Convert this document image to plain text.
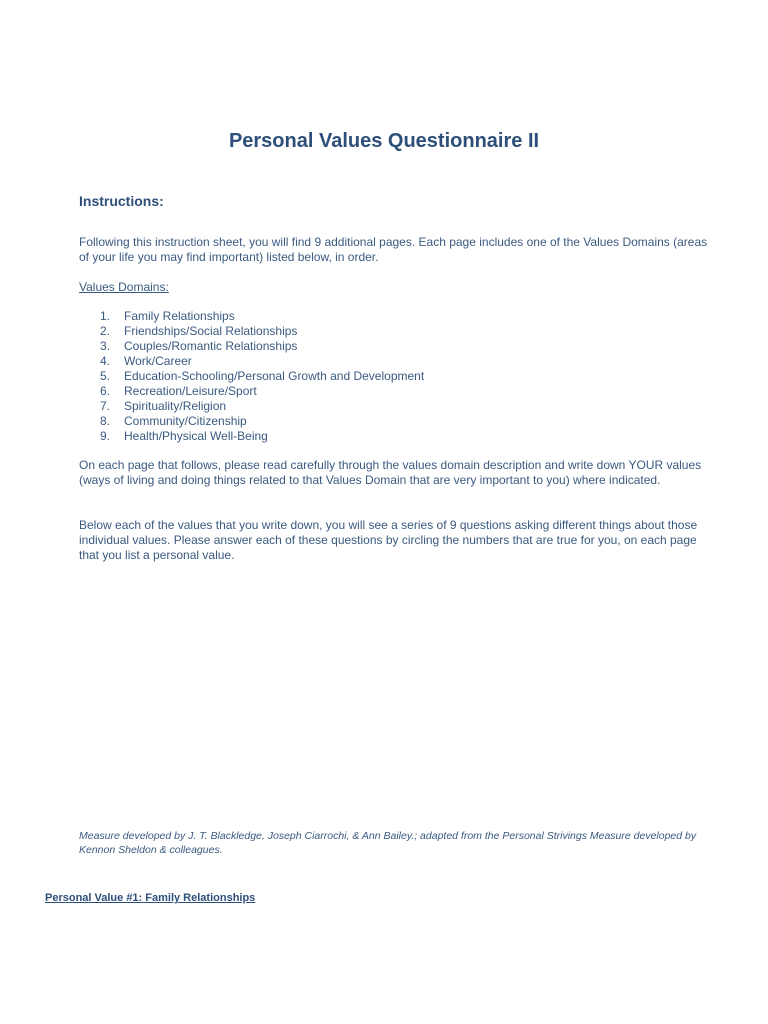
Personal Values Questionnaire II
Instructions:
Following this instruction sheet, you will find 9 additional pages. Each page includes one of the Values Domains (areas of your life you may find important) listed below, in order.
Values Domains:
1.	Family Relationships
2.	Friendships/Social Relationships
3.	Couples/Romantic Relationships
4.	Work/Career
5.	Education-Schooling/Personal Growth and Development
6.	Recreation/Leisure/Sport
7.	Spirituality/Religion
8.	Community/Citizenship
9.	Health/Physical Well-Being
On each page that follows, please read carefully through the values domain description and write down YOUR values (ways of living and doing things related to that Values Domain that are very important to you) where indicated.
Below each of the values that you write down, you will see a series of 9 questions asking different things about those individual values. Please answer each of these questions by circling the numbers that are true for you, on each page that you list a personal value.
Measure developed by J. T. Blackledge, Joseph Ciarrochi, & Ann Bailey.; adapted from the Personal Strivings Measure developed by Kennon Sheldon & colleagues.
Personal Value #1: Family Relationships
